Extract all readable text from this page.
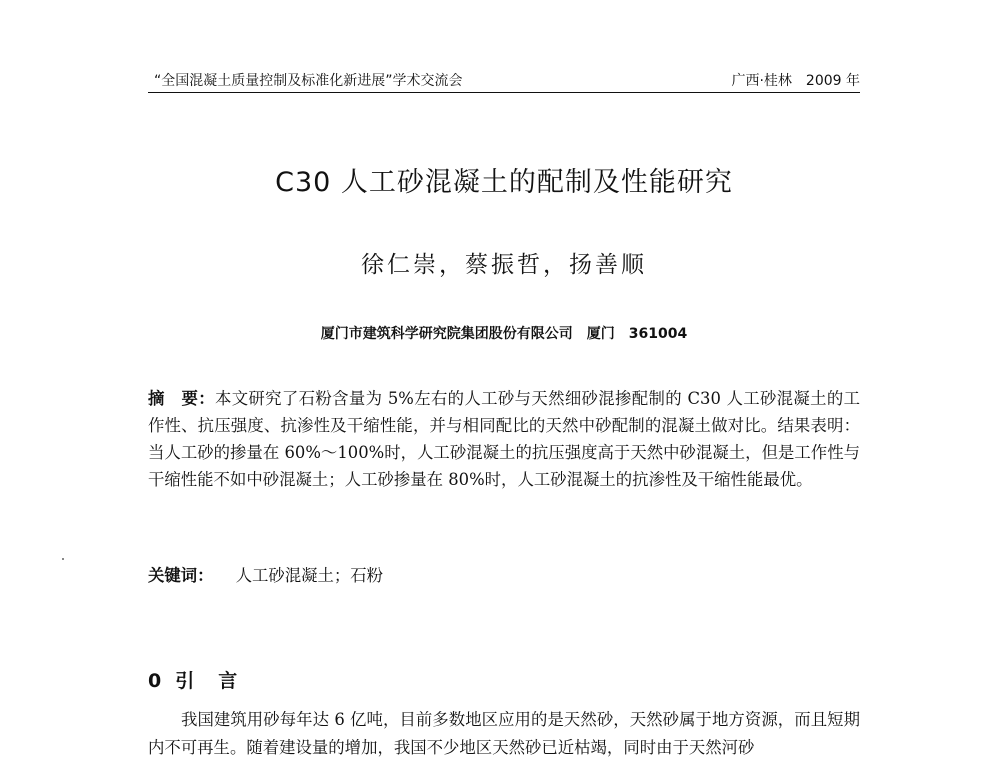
“全国混凝土质量控制及标准化新进展”学术交流会	广西·桂林　2009 年
C30 人工砂混凝土的配制及性能研究
徐仁崇，蔡振哲，扬善顺
厦门市建筑科学研究院集团股份有限公司　厦门　361004
摘　要：本文研究了石粉含量为 5%左右的人工砂与天然细砂混掺配制的 C30 人工砂混凝土的工作性、抗压强度、抗渗性及干缩性能，并与相同配比的天然中砂配制的混凝土做对比。结果表明：当人工砂的掺量在 60%～100%时，人工砂混凝土的抗压强度高于天然中砂混凝土，但是工作性与干缩性能不如中砂混凝土；人工砂掺量在 80%时，人工砂混凝土的抗渗性及干缩性能最优。
关键词： 人工砂混凝土；石粉
0 引言
我国建筑用砂每年达 6 亿吨，目前多数地区应用的是天然砂，天然砂属于地方资源，而且短期内不可再生。随着建设量的增加，我国不少地区天然砂已近枯竭，同时由于天然河砂
